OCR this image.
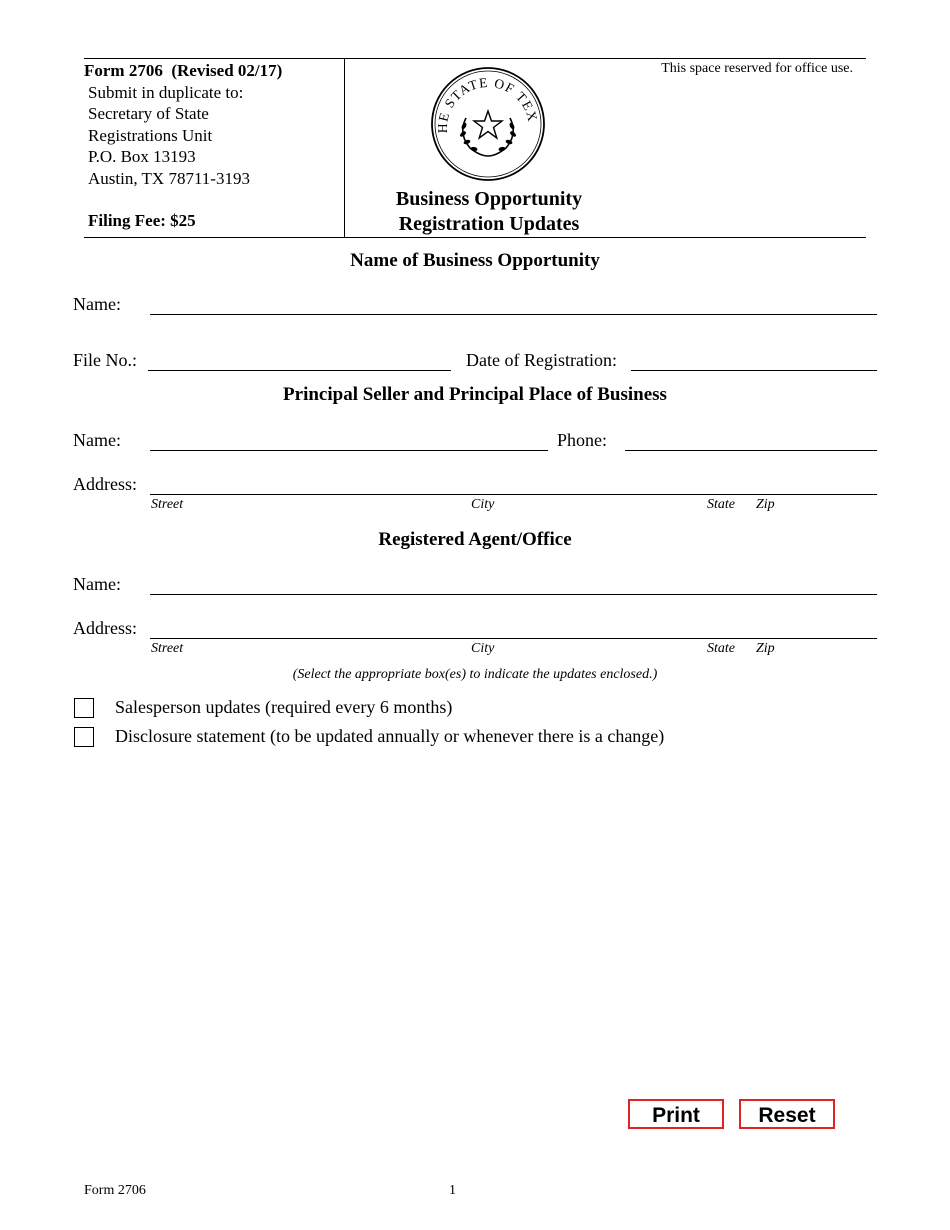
Form 2706 (Revised 02/17)
Submit in duplicate to:
Secretary of State
Registrations Unit
P.O. Box 13193
Austin, TX 78711-3193
Filing Fee: $25
This space reserved for office use.
HE STATE OF TEX
Business Opportunity
Registration Updates
Name of Business Opportunity
Name:
File No.:	Date of Registration:
Principal Seller and Principal Place of Business
Name:	Phone:
Address:
Street	City	State Zip
Registered Agent/Office
Name:
Address:
Street	City	State Zip
(Select the appropriate box(es) to indicate the updates enclosed.)
Salesperson updates (required every 6 months)
Disclosure statement (to be updated annually or whenever there is a change)
Print	Reset
Form 2706	1
